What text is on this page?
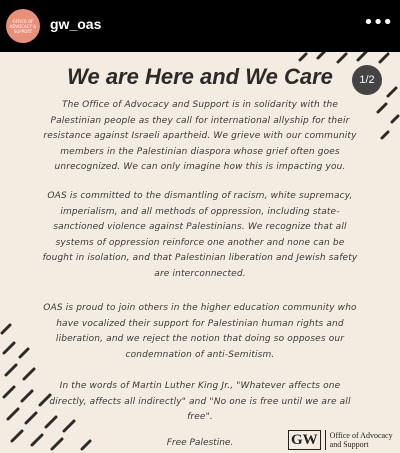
OFFICE OF ADVOCACY & SUPPORT	gw_oas	•••
We are Here and We Care	1/2

The Office of Advocacy and Support is in solidarity with the Palestinian people as they call for international allyship for their resistance against Israeli apartheid. We grieve with our community members in the Palestinian diaspora whose grief often goes unrecognized. We can only imagine how this is impacting you.

OAS is committed to the dismantling of racism, white supremacy, imperialism, and all methods of oppression, including state-sanctioned violence against Palestinians. We recognize that all systems of oppression reinforce one another and none can be fought in isolation, and that Palestinian liberation and Jewish safety are interconnected.

OAS is proud to join others in the higher education community who have vocalized their support for Palestinian human rights and liberation, and we reject the notion that doing so opposes our condemnation of anti-Semitism.

In the words of Martin Luther King Jr., "Whatever affects one directly, affects all indirectly" and "No one is free until we are all free".

Free Palestine.	GW	Office of Advocacy
and Support
